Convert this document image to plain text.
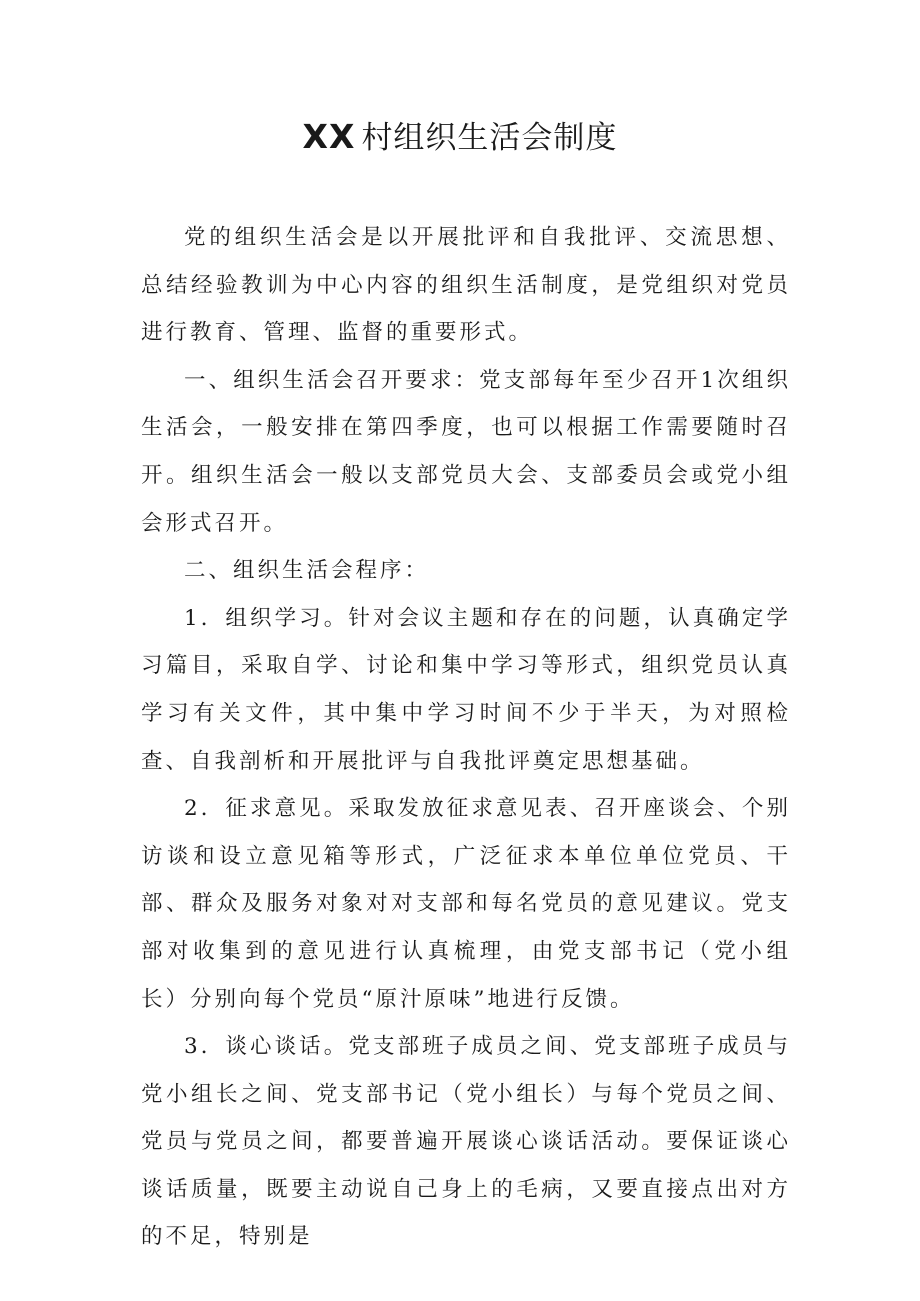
XX 村组织生活会制度

党的组织生活会是以开展批评和自我批评、交流思想、总结经验教训为中心内容的组织生活制度，是党组织对党员进行教育、管理、监督的重要形式。

一、组织生活会召开要求：党支部每年至少召开1次组织生活会，一般安排在第四季度，也可以根据工作需要随时召开。组织生活会一般以支部党员大会、支部委员会或党小组会形式召开。

二、组织生活会程序：

1．组织学习。针对会议主题和存在的问题，认真确定学习篇目，采取自学、讨论和集中学习等形式，组织党员认真学习有关文件，其中集中学习时间不少于半天，为对照检查、自我剖析和开展批评与自我批评奠定思想基础。

2．征求意见。采取发放征求意见表、召开座谈会、个别访谈和设立意见箱等形式，广泛征求本单位单位党员、干部、群众及服务对象对对支部和每名党员的意见建议。党支部对收集到的意见进行认真梳理，由党支部书记（党小组长）分别向每个党员“原汁原味”地进行反馈。

3．谈心谈话。党支部班子成员之间、党支部班子成员与党小组长之间、党支部书记（党小组长）与每个党员之间、党员与党员之间，都要普遍开展谈心谈话活动。要保证谈心谈话质量，既要主动说自己身上的毛病，又要直接点出对方的不足，特别是
